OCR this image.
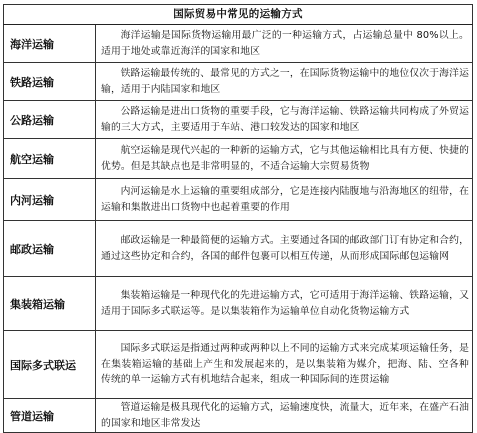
国际贸易中常见的运输方式	
海洋运输	海洋运输是国际货物运输用最广泛的一种运输方式，占运输总量中 80%以上。适用于地处或靠近海洋的国家和地区

铁路运输	铁路运输最传统的、最常见的方式之一，在国际货物运输中的地位仅次于海洋运输，适用于内陆国家和地区

公路运输	公路运输是进出口货物的重要手段，它与海洋运输、铁路运输共同构成了外贸运输的三大方式，主要适用于车站、港口较发达的国家和地区

航空运输	航空运输是现代兴起的一种新的运输方式，它与其他运输相比具有方便、快捷的优势。但是其缺点也是非常明显的，不适合运输大宗贸易货物

内河运输	内河运输是水上运输的重要组成部分，它是连接内陆腹地与沿海地区的纽带，在运输和集散进出口货物中也起着重要的作用

邮政运输	邮政运输是一种最简便的运输方式。主要通过各国的邮政部门订有协定和合约，通过这些协定和合约，各国的邮件包裹可以相互传递，从而形成国际邮包运输网

集装箱运输	集装箱运输是一种现代化的先进运输方式，它可适用于海洋运输、铁路运输，又适用于国际多式联运等。是以集装箱作为运输单位自动化货物运输方式

国际多式联运	国际多式联运是指通过两种或两种以上不同的运输方式来完成某项运输任务，是在集装箱运输的基础上产生和发展起来的，是以集装箱为媒介，把海、陆、空各种传统的单一运输方式有机地结合起来，组成一种国际间的连贯运输

管道运输	管道运输是极具现代化的运输方式，运输速度快，流量大，近年来，在盛产石油的国家和地区非常发达
